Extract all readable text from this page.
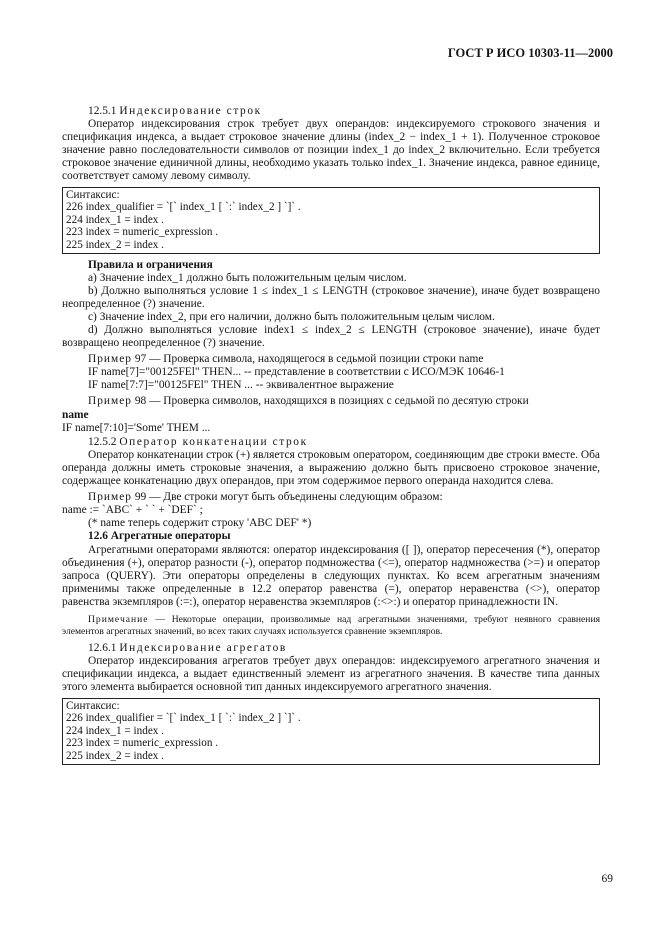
ГОСТ Р ИСО 10303-11—2000

12.5.1 Индексирование строк

Оператор индексирования строк требует двух операндов: индексируемого строкового значения и спецификация индекса, а выдает строковое значение длины (index_2 − index_1 + 1). Полученное строковое значение равно последовательности символов от позиции index_1 до index_2 включительно. Если требуется строковое значение единичной длины, необходимо указать только index_1. Значение индекса, равное единице, соответствует самому левому символу.

Синтаксис:
226 index_qualifier = `[` index_1 [ `:` index_2 ] `]` .
224 index_1 = index .
223 index = numeric_expression .
225 index_2 = index .

Правила и ограничения

a) Значение index_1 должно быть положительным целым числом.

b) Должно выполняться условие 1 ≤ index_1 ≤ LENGTH (строковое значение), иначе будет возвращено неопределенное (?) значение.

c) Значение index_2, при его наличии, должно быть положительным целым числом.

d) Должно выполняться условие index1 ≤ index_2 ≤ LENGTH (строковое значение), иначе будет возвращено неопределенное (?) значение.

Пример 97 — Проверка символа, находящегося в седьмой позиции строки name

IF name[7]="00125FEl" THEN... -- представление в соответствии с ИСО/МЭК 10646-1

IF name[7:7]="00125FEl" THEN ... -- эквивалентное выражение

Пример 98 — Проверка символов, находящихся в позициях с седьмой по десятую строки

name

IF name[7:10]='Some' THEM ...

12.5.2 Оператор конкатенации строк

Оператор конкатенации строк (+) является строковым оператором, соединяющим две строки вместе. Оба операнда должны иметь строковые значения, а выражению должно быть присвоено строковое значение, содержащее конкатенацию двух операндов, при этом содержимое первого операнда находится слева.

Пример 99 — Две строки могут быть объединены следующим образом:

name := `ABC` + ` ` + `DEF` ;

(* name теперь содержит строку 'ABC DEF' *)

12.6 Агрегатные операторы

Агрегатными операторами являются: оператор индексирования ([ ]), оператор пересечения (*), оператор объединения (+), оператор разности (-), оператор подмножества (<=), оператор надмножества (>=) и оператор запроса (QUERY). Эти операторы определены в следующих пунктах. Ко всем агрегатным значениям применимы также определенные в 12.2 оператор равенства (=), оператор неравенства (<>), оператор равенства экземпляров (:=:), оператор неравенства экземпляров (:<>:) и оператор принадлежности IN.

Примечание — Некоторые операции, произволимые над агрегатными значениями, требуют неявного сравнения элементов агрегатных значений, во всех таких случаях используется сравнение экземпляров.

12.6.1 Индексирование агрегатов

Оператор индексирования агрегатов требует двух операндов: индексируемого агрегатного значения и спецификации индекса, а выдает единственный элемент из агрегатного значения. В качестве типа данных этого элемента выбирается основной тип данных индексируемого агрегатного значения.

Синтаксис:
226 index_qualifier = `[` index_1 [ `:` index_2 ] `]` .
224 index_1 = index .
223 index = numeric_expression .
225 index_2 = index .
69
